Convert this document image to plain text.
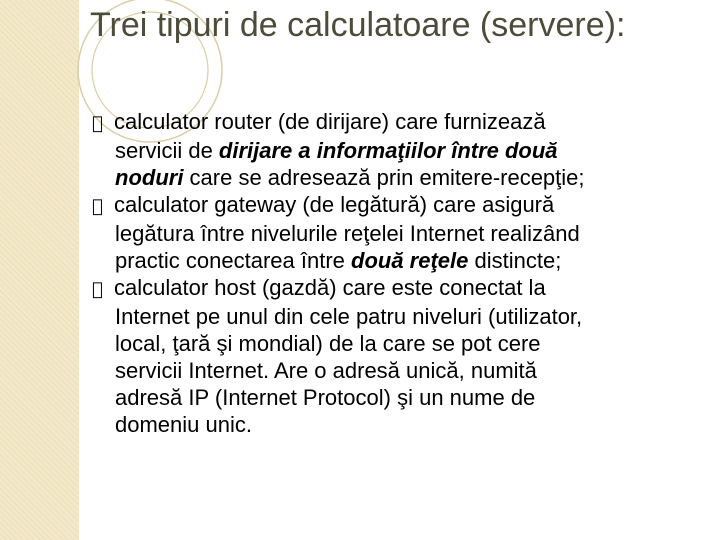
Trei tipuri de calculatoare (servere):
calculator router (de dirijare) care furnizează
servicii de dirijare a informaţiilor între două
noduri care se adresează prin emitere-recepţie;
calculator gateway (de legătură) care asigură
legătura între nivelurile reţelei Internet realizând
practic conectarea între două reţele distincte;
calculator host (gazdă) care este conectat la
Internet pe unul din cele patru niveluri (utilizator,
local, ţară şi mondial) de la care se pot cere
servicii Internet. Are o adresă unică, numită
adresă IP (Internet Protocol) şi un nume de
domeniu unic.
